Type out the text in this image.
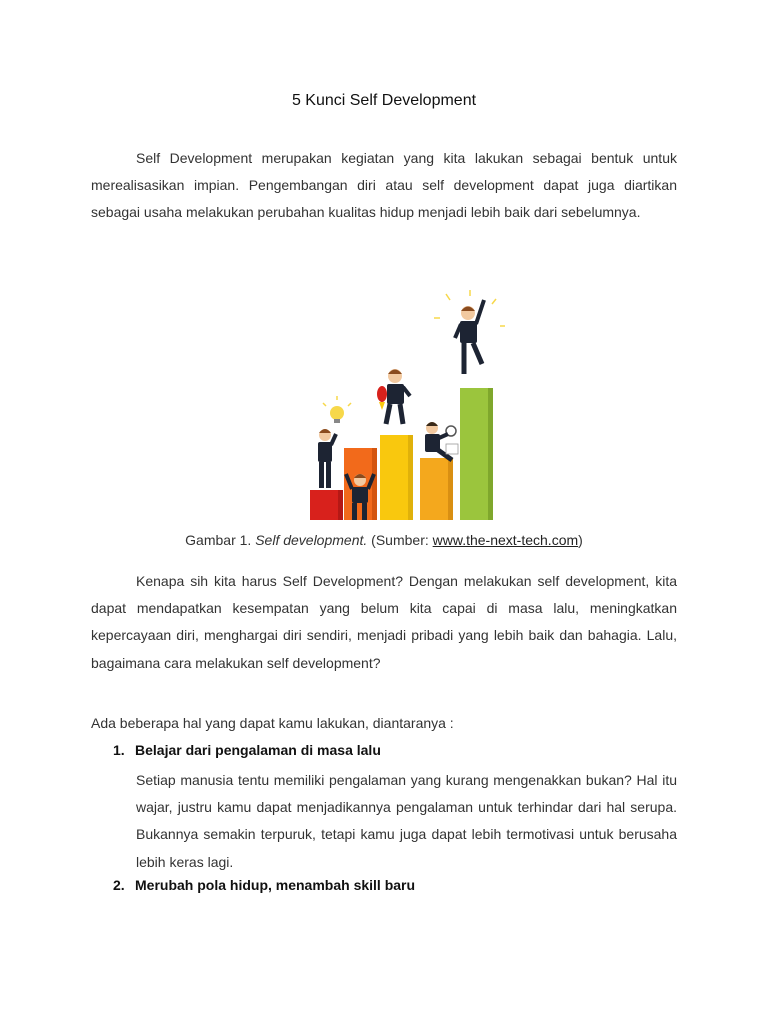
5 Kunci Self Development
Self Development merupakan kegiatan yang kita lakukan sebagai bentuk untuk merealisasikan impian. Pengembangan diri atau self development dapat juga diartikan sebagai usaha melakukan perubahan kualitas hidup menjadi lebih baik dari sebelumnya.
Gambar 1. Self development. (Sumber: www.the-next-tech.com)
Kenapa sih kita harus Self Development? Dengan melakukan self development, kita dapat mendapatkan kesempatan yang belum kita capai di masa lalu, meningkatkan kepercayaan diri, menghargai diri sendiri, menjadi pribadi yang lebih baik dan bahagia. Lalu, bagaimana cara melakukan self development?
Ada beberapa hal yang dapat kamu lakukan, diantaranya :
1. Belajar dari pengalaman di masa lalu
Setiap manusia tentu memiliki pengalaman yang kurang mengenakkan bukan? Hal itu wajar, justru kamu dapat menjadikannya pengalaman untuk terhindar dari hal serupa. Bukannya semakin terpuruk, tetapi kamu juga dapat lebih termotivasi untuk berusaha lebih keras lagi.
2. Merubah pola hidup, menambah skill baru
